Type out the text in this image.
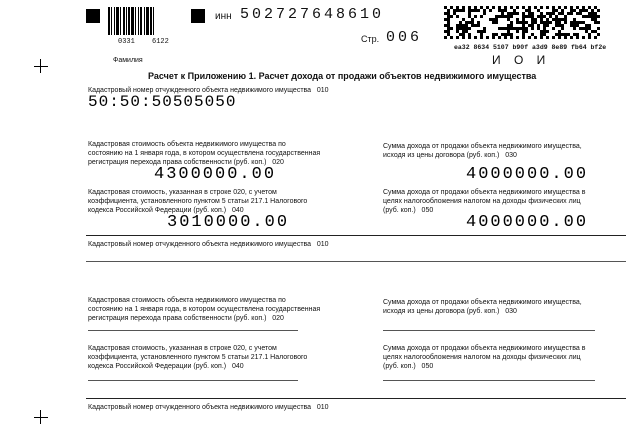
0331 6122
инн 502727648610
Стр. 006
ea32 8634 5107 b90f a3d9 8e89 fb64 bf2e
Фамилия	И    О    И
Расчет к Приложению 1. Расчет дохода от продажи объектов недвижимого имущества
Кадастровый номер отчужденного объекта недвижимого имущества   010
50:50:50505050
Кадастровая стоимость объекта недвижимого имущества по
состоянию на 1 января года, в котором осуществлена государственная
регистрация перехода права собственности (руб. коп.)   020
4300000.00
Сумма дохода от продажи объекта недвижимого имущества,
исходя из цены договора (руб. коп.)   030
4000000.00
Кадастровая стоимость, указанная в строке 020, с учетом
коэффициента, установленного пунктом 5 статьи 217.1 Налогового
кодекса Российской Федерации (руб. коп.)   040
3010000.00
Сумма дохода от продажи объекта недвижимого имущества в
целях налогообложения налогом на доходы физических лиц
(руб. коп.)   050
4000000.00
Кадастровый номер отчужденного объекта недвижимого имущества   010
Кадастровая стоимость объекта недвижимого имущества по
состоянию на 1 января года, в котором осуществлена государственная
регистрация перехода права собственности (руб. коп.)   020
Сумма дохода от продажи объекта недвижимого имущества,
исходя из цены договора (руб. коп.)   030
Кадастровая стоимость, указанная в строке 020, с учетом
коэффициента, установленного пунктом 5 статьи 217.1 Налогового
кодекса Российской Федерации (руб. коп.)   040
Сумма дохода от продажи объекта недвижимого имущества в
целях налогообложения налогом на доходы физических лиц
(руб. коп.)   050
Кадастровый номер отчужденного объекта недвижимого имущества   010
